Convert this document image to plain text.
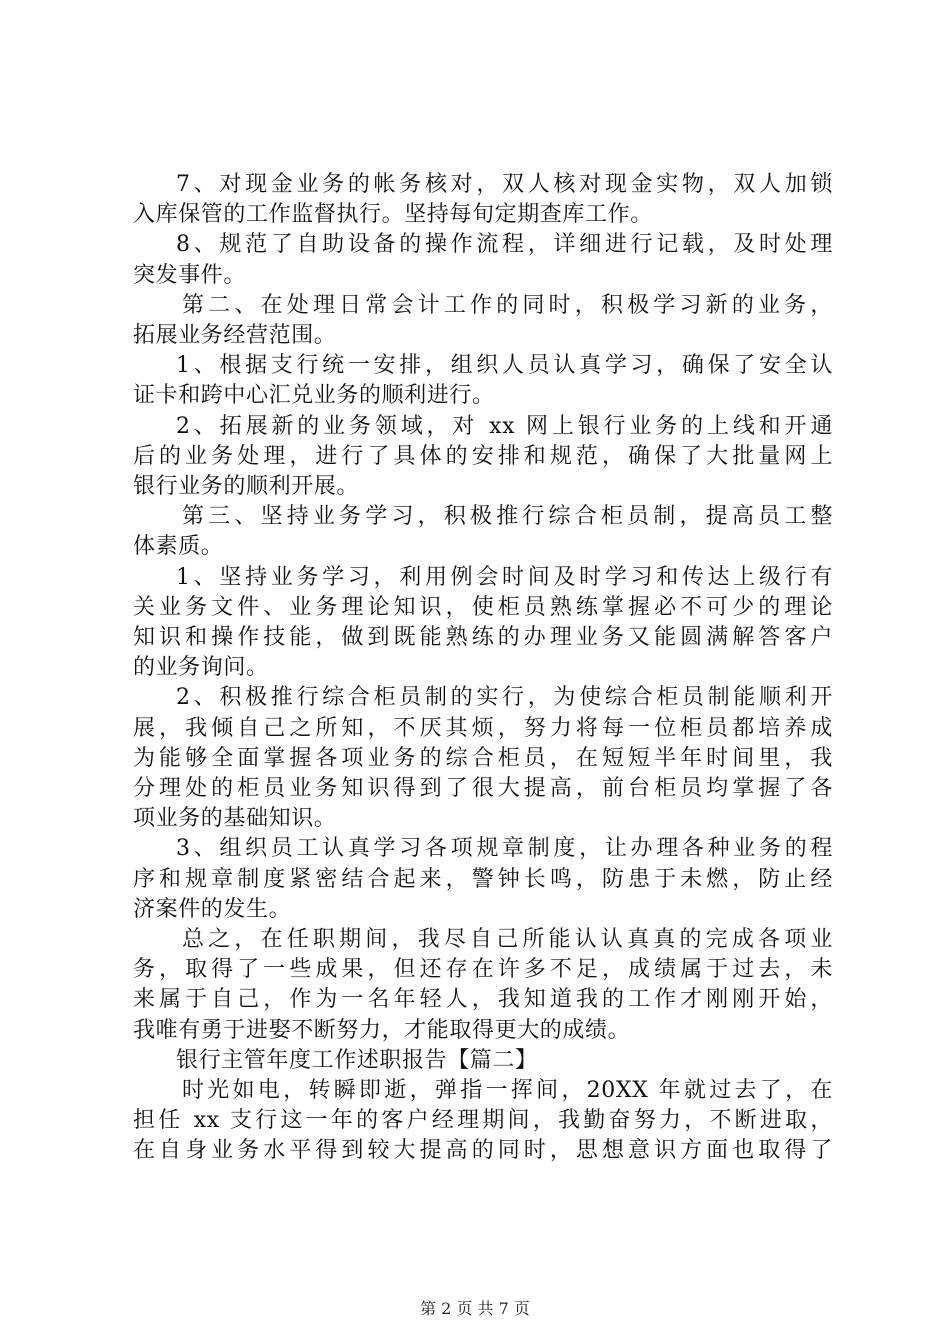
7、对现金业务的帐务核对，双人核对现金实物，双人加锁
入库保管的工作监督执行。坚持每旬定期查库工作。
8、规范了自助设备的操作流程，详细进行记载，及时处理
突发事件。
第二、在处理日常会计工作的同时，积极学习新的业务，
拓展业务经营范围。
1、根据支行统一安排，组织人员认真学习，确保了安全认
证卡和跨中心汇兑业务的顺利进行。
2、拓展新的业务领域，对 xx 网上银行业务的上线和开通
后的业务处理，进行了具体的安排和规范，确保了大批量网上
银行业务的顺利开展。
第三、坚持业务学习，积极推行综合柜员制，提高员工整
体素质。
1、坚持业务学习，利用例会时间及时学习和传达上级行有
关业务文件、业务理论知识，使柜员熟练掌握必不可少的理论
知识和操作技能，做到既能熟练的办理业务又能圆满解答客户
的业务询问。
2、积极推行综合柜员制的实行，为使综合柜员制能顺利开
展，我倾自己之所知，不厌其烦，努力将每一位柜员都培养成
为能够全面掌握各项业务的综合柜员，在短短半年时间里，我
分理处的柜员业务知识得到了很大提高，前台柜员均掌握了各
项业务的基础知识。
3、组织员工认真学习各项规章制度，让办理各种业务的程
序和规章制度紧密结合起来，警钟长鸣，防患于未燃，防止经
济案件的发生。
总之，在任职期间，我尽自己所能认认真真的完成各项业
务，取得了一些成果，但还存在许多不足，成绩属于过去，未
来属于自己，作为一名年轻人，我知道我的工作才刚刚开始，
我唯有勇于进娶不断努力，才能取得更大的成绩。
银行主管年度工作述职报告【篇二】
时光如电，转瞬即逝，弹指一挥间，20XX 年就过去了，在
担任 xx 支行这一年的客户经理期间，我勤奋努力，不断进取，
在自身业务水平得到较大提高的同时，思想意识方面也取得了
第 2 页 共 7 页
